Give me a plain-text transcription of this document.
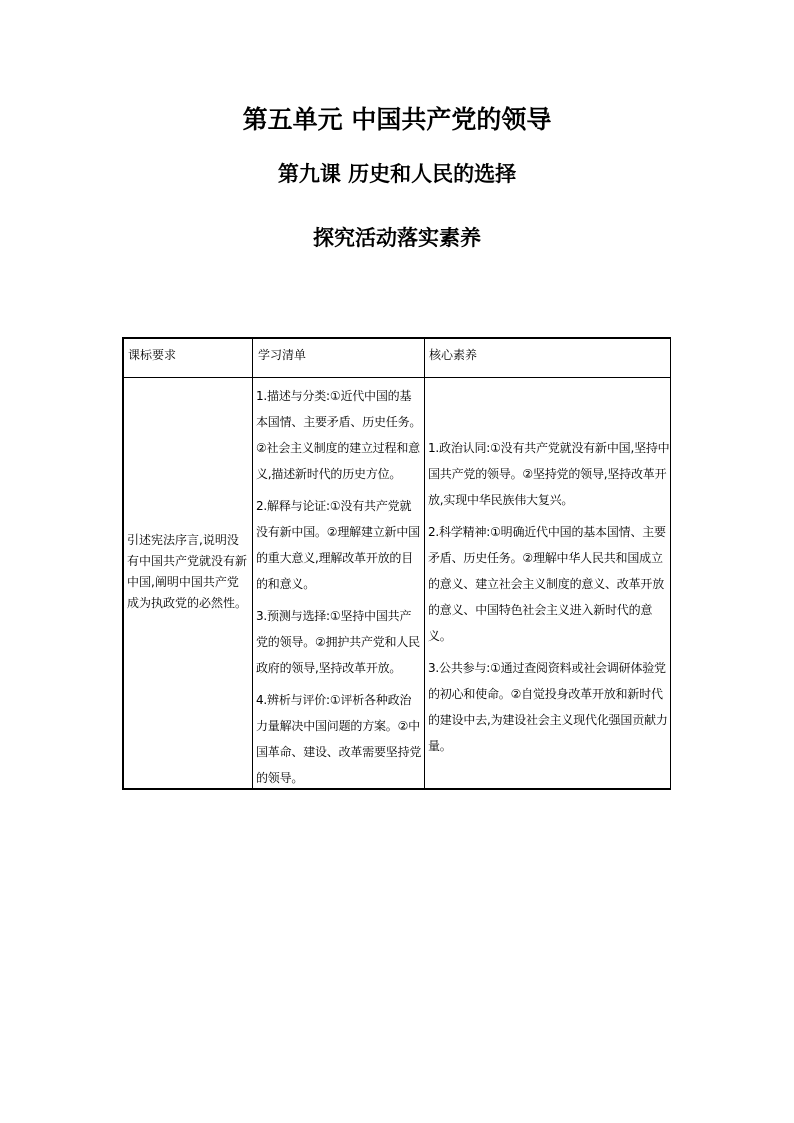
第五单元 中国共产党的领导
第九课 历史和人民的选择
探究活动落实素养
课标要求	学习清单	核心素养
引述宪法序言,说明没有中国共产党就没有新中国,阐明中国共产党成为执政党的必然性。
1.描述与分类:①近代中国的基本国情、主要矛盾、历史任务。②社会主义制度的建立过程和意义,描述新时代的历史方位。
2.解释与论证:①没有共产党就没有新中国。②理解建立新中国的重大意义,理解改革开放的目的和意义。
3.预测与选择:①坚持中国共产党的领导。②拥护共产党和人民政府的领导,坚持改革开放。
4.辨析与评价:①评析各种政治力量解决中国问题的方案。②中国革命、建设、改革需要坚持党的领导。
1.政治认同:①没有共产党就没有新中国,坚持中国共产党的领导。②坚持党的领导,坚持改革开放,实现中华民族伟大复兴。
2.科学精神:①明确近代中国的基本国情、主要矛盾、历史任务。②理解中华人民共和国成立的意义、建立社会主义制度的意义、改革开放的意义、中国特色社会主义进入新时代的意义。
3.公共参与:①通过查阅资料或社会调研体验党的初心和使命。②自觉投身改革开放和新时代的建设中去,为建设社会主义现代化强国贡献力量。
